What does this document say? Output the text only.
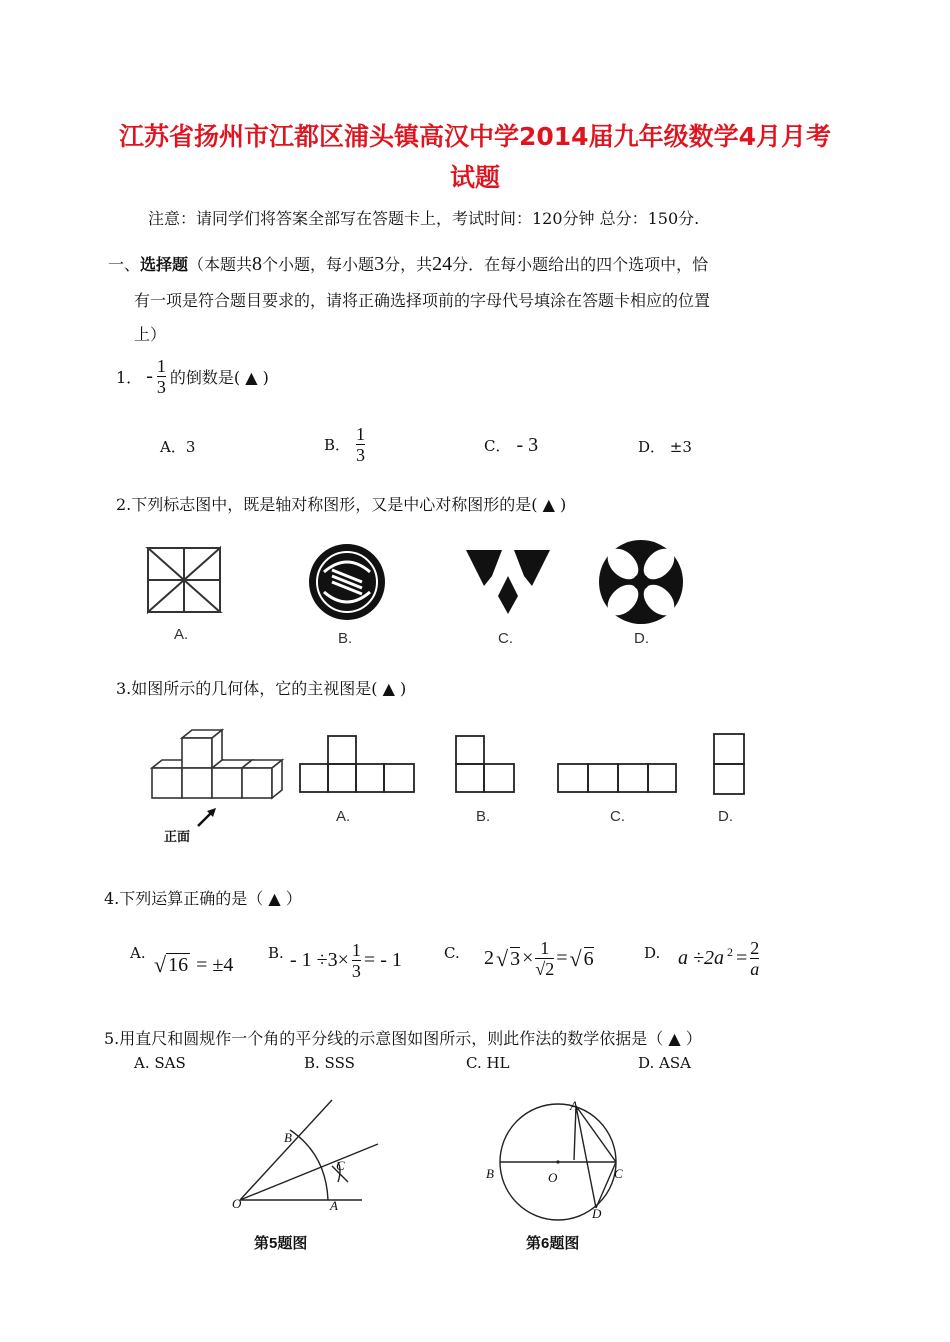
江苏省扬州市江都区浦头镇高汉中学2014届九年级数学4月月考
试题
注意：请同学们将答案全部写在答题卡上，考试时间：120分钟 总分：150分.
一、选择题（本题共8个小题，每小题3分，共24分．在每小题给出的四个选项中，恰
有一项是符合题目要求的，请将正确选择项前的字母代号填涂在答题卡相应的位置
上）
1． - $\frac{1}{3}$ 的倒数是( ▲ )
A．3	B． $\frac{1}{3}$	C． - 3	D． ±3
2.下列标志图中，既是轴对称图形，又是中心对称图形的是( ▲ )
A.	B.	C.	D.
3.如图所示的几何体，它的主视图是( ▲ )
正面
A.	B.	C.	D.
4.下列运算正确的是（ ▲ ）
A. √ 16 = ±4
B. - $1 \div 3\times \frac{1}{3}$ = - 1	C. 2 √ $3 \times \frac{1}{√2}$ = √ 6	D. a ÷2a $^2 = \frac{2}{a}$
5.用直尺和圆规作一个角的平分线的示意图如图所示，则此作法的数学依据是（ ▲ ）
A. SAS	B. SSS	C. HL	D. ASA
B
C
O	A
第5题图
A
B	O	C
D
第6题图
